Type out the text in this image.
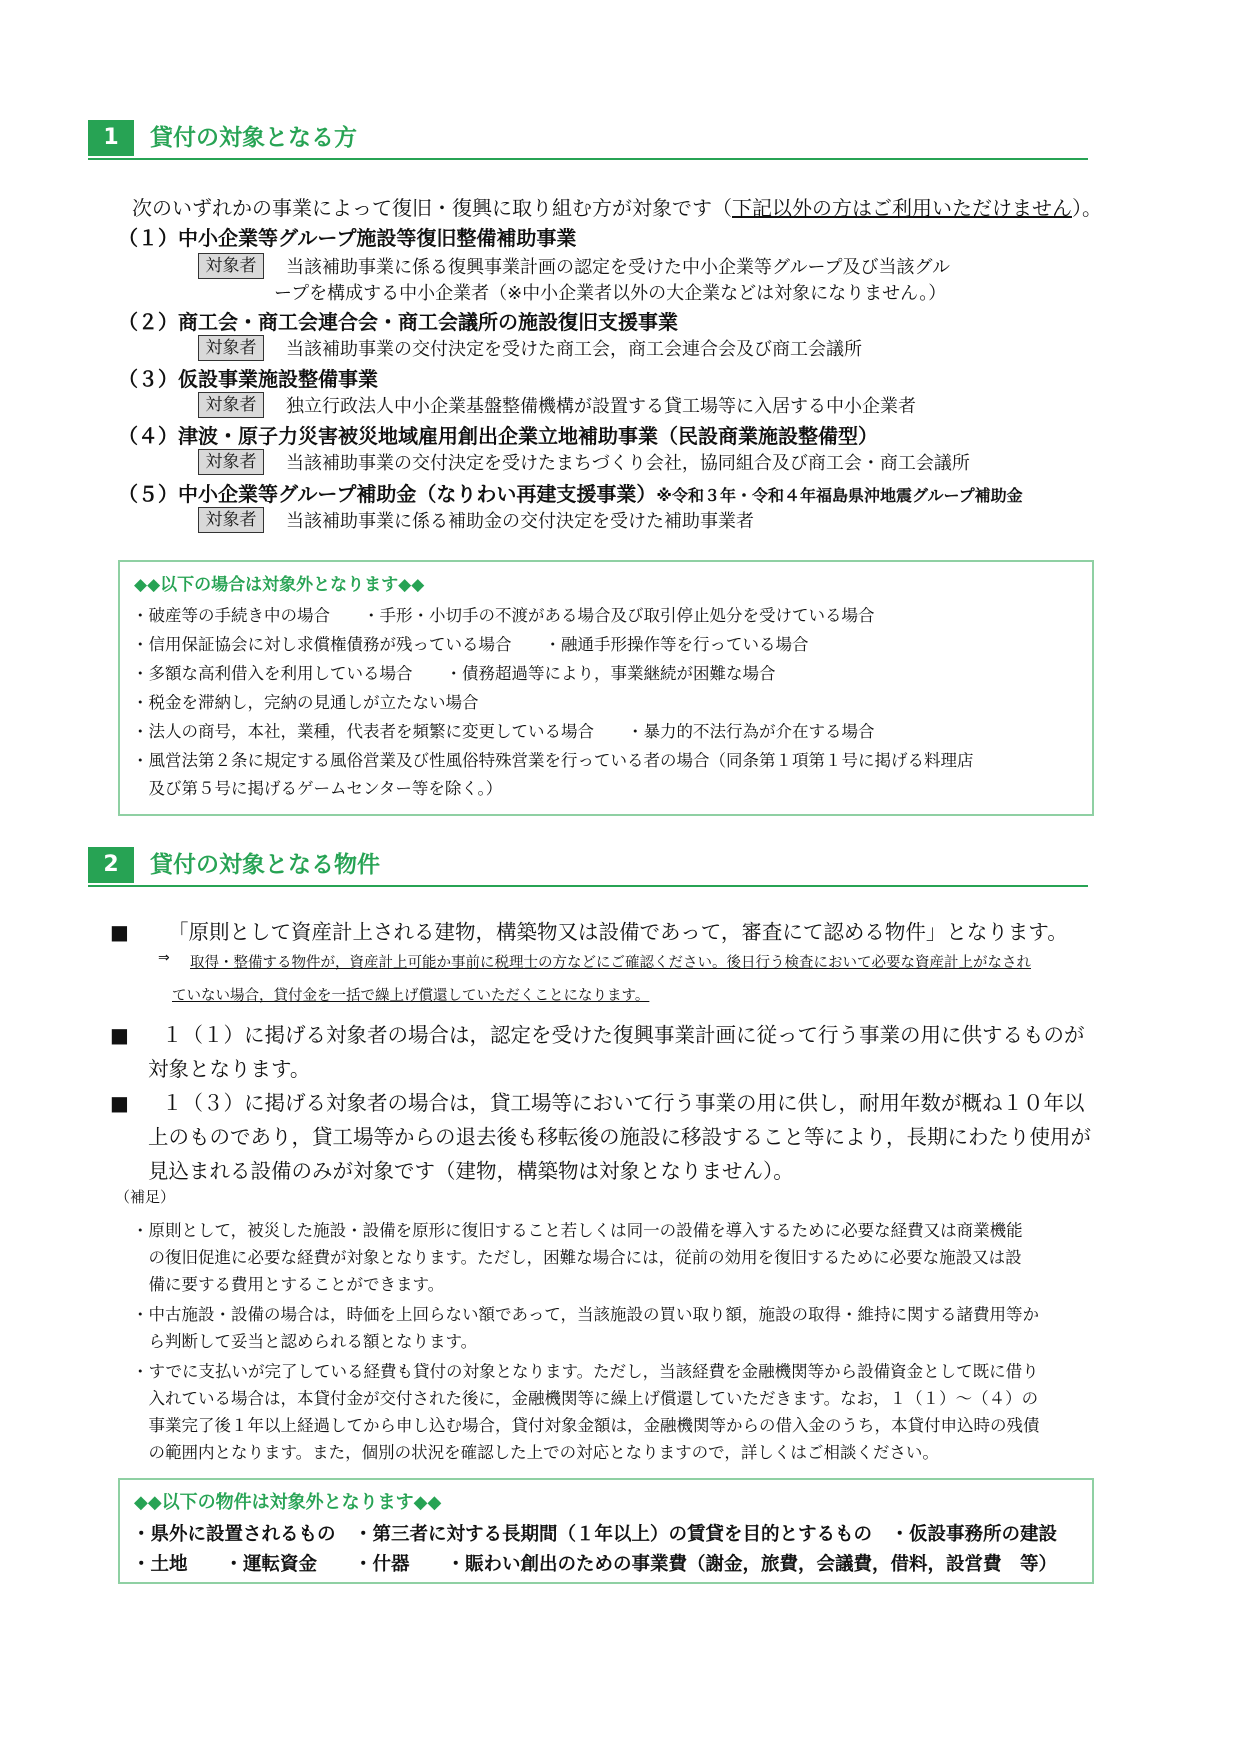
1	貸付の対象となる方
次のいずれかの事業によって復旧・復興に取り組む方が対象です（下記以外の方はご利用いただけません）。
（１）中小企業等グループ施設等復旧整備補助事業
対象者	当該補助事業に係る復興事業計画の認定を受けた中小企業等グループ及び当該グル
ープを構成する中小企業者（※中小企業者以外の大企業などは対象になりません。）
（２）商工会・商工会連合会・商工会議所の施設復旧支援事業
対象者	当該補助事業の交付決定を受けた商工会，商工会連合会及び商工会議所
（３）仮設事業施設整備事業
対象者	独立行政法人中小企業基盤整備機構が設置する貸工場等に入居する中小企業者
（４）津波・原子力災害被災地域雇用創出企業立地補助事業（民設商業施設整備型）
対象者	当該補助事業の交付決定を受けたまちづくり会社，協同組合及び商工会・商工会議所
（５）中小企業等グループ補助金（なりわい再建支援事業）※令和３年・令和４年福島県沖地震グループ補助金
対象者	当該補助事業に係る補助金の交付決定を受けた補助事業者
◆◆以下の場合は対象外となります◆◆
・破産等の手続き中の場合　　・手形・小切手の不渡がある場合及び取引停止処分を受けている場合
・信用保証協会に対し求償権債務が残っている場合　　・融通手形操作等を行っている場合
・多額な高利借入を利用している場合　　・債務超過等により，事業継続が困難な場合
・税金を滞納し，完納の見通しが立たない場合
・法人の商号，本社，業種，代表者を頻繁に変更している場合　　・暴力的不法行為が介在する場合
・風営法第２条に規定する風俗営業及び性風俗特殊営業を行っている者の場合（同条第１項第１号に掲げる料理店
　及び第５号に掲げるゲームセンター等を除く。）
2	貸付の対象となる物件
■ 「原則として資産計上される建物，構築物又は設備であって，審査にて認める物件」となります。
⇒ 取得・整備する物件が，資産計上可能か事前に税理士の方などにご確認ください。後日行う検査において必要な資産計上がなされ
ていない場合，貸付金を一括で繰上げ償還していただくことになります。
■ １（１）に掲げる対象者の場合は，認定を受けた復興事業計画に従って行う事業の用に供するものが
対象となります。
■ １（３）に掲げる対象者の場合は，貸工場等において行う事業の用に供し，耐用年数が概ね１０年以
上のものであり，貸工場等からの退去後も移転後の施設に移設すること等により，長期にわたり使用が
見込まれる設備のみが対象です（建物，構築物は対象となりません）。
（補足）
・原則として，被災した施設・設備を原形に復旧すること若しくは同一の設備を導入するために必要な経費又は商業機能
　の復旧促進に必要な経費が対象となります。ただし，困難な場合には，従前の効用を復旧するために必要な施設又は設
　備に要する費用とすることができます。
・中古施設・設備の場合は，時価を上回らない額であって，当該施設の買い取り額，施設の取得・維持に関する諸費用等か
　ら判断して妥当と認められる額となります。
・すでに支払いが完了している経費も貸付の対象となります。ただし，当該経費を金融機関等から設備資金として既に借り
　入れている場合は，本貸付金が交付された後に，金融機関等に繰上げ償還していただきます。なお，１（１）～（４）の
　事業完了後１年以上経過してから申し込む場合，貸付対象金額は，金融機関等からの借入金のうち，本貸付申込時の残債
　の範囲内となります。また，個別の状況を確認した上での対応となりますので，詳しくはご相談ください。
◆◆以下の物件は対象外となります◆◆
・県外に設置されるもの　・第三者に対する長期間（１年以上）の賃貸を目的とするもの　・仮設事務所の建設
・土地　　・運転資金　　・什器　　・賑わい創出のための事業費（謝金，旅費，会議費，借料，設営費　等）
